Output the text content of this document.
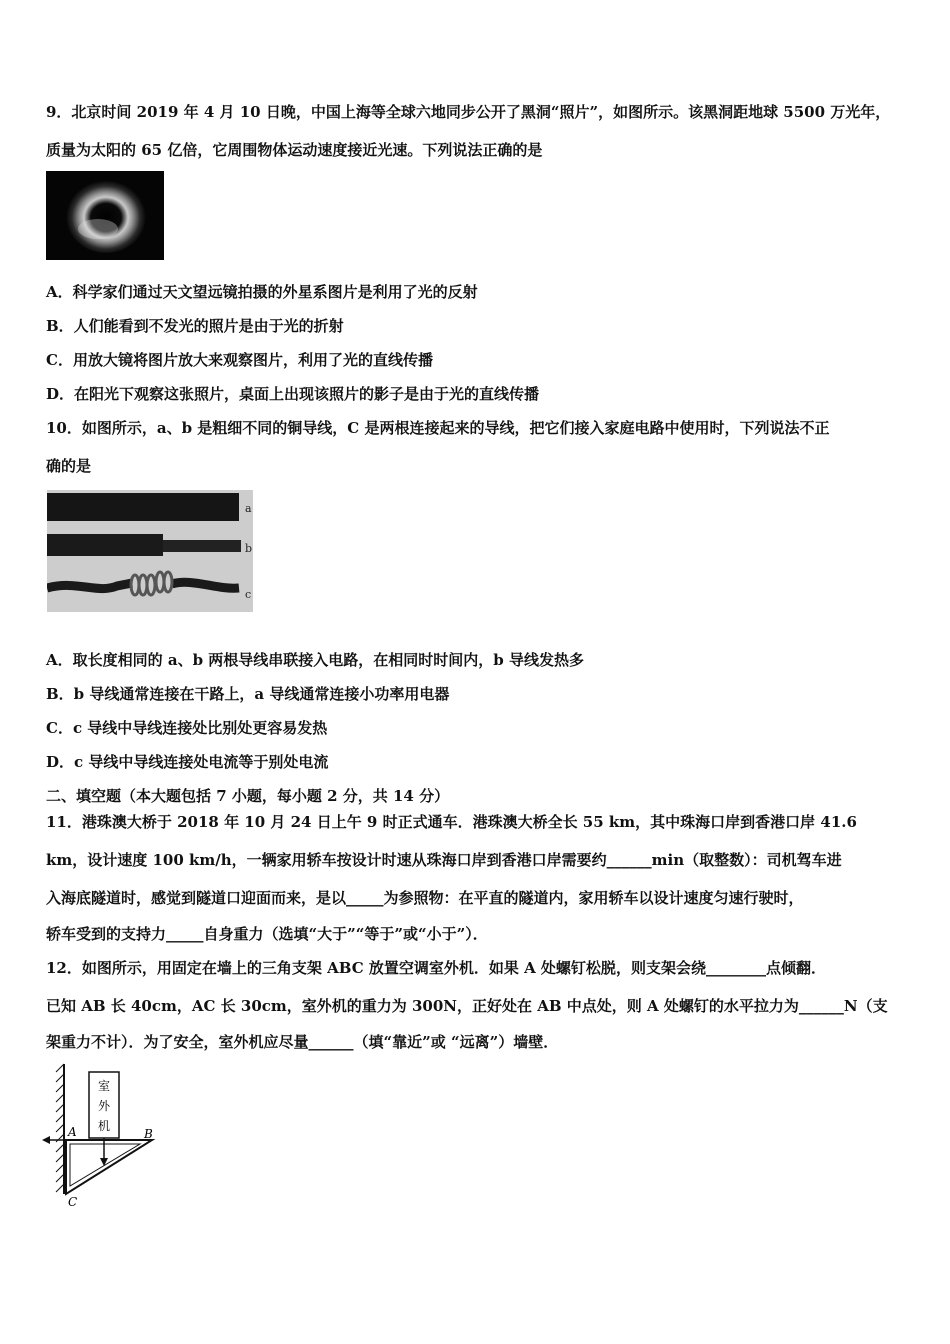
9．北京时间 2019 年 4 月 10 日晚，中国上海等全球六地同步公开了黑洞“照片”，如图所示。该黑洞距地球 5500 万光年，
质量为太阳的 65 亿倍，它周围物体运动速度接近光速。下列说法正确的是
A．科学家们通过天文望远镜拍摄的外星系图片是利用了光的反射
B．人们能看到不发光的照片是由于光的折射
C．用放大镜将图片放大来观察图片，利用了光的直线传播
D．在阳光下观察这张照片，桌面上出现该照片的影子是由于光的直线传播
10．如图所示，a、b 是粗细不同的铜导线，C 是两根连接起来的导线，把它们接入家庭电路中使用时，下列说法不正
确的是
a
b
c
A．取长度相同的 a、b 两根导线串联接入电路，在相同时时间内，b 导线发热多
B．b 导线通常连接在干路上，a 导线通常连接小功率用电器
C．c 导线中导线连接处比别处更容易发热
D．c 导线中导线连接处电流等于别处电流
二、填空题（本大题包括 7 小题，每小题 2 分，共 14 分）
11．港珠澳大桥于 2018 年 10 月 24 日上午 9 时正式通车．港珠澳大桥全长 55 km，其中珠海口岸到香港口岸 41.6
km，设计速度 100 km/h，一辆家用轿车按设计时速从珠海口岸到香港口岸需要约______min（取整数）：司机驾车进
入海底隧道时，感觉到隧道口迎面而来，是以_____为参照物：在平直的隧道内，家用轿车以设计速度匀速行驶时，
轿车受到的支持力_____自身重力（选填“大于”“等于”或“小于”）．
12．如图所示，用固定在墙上的三角支架 ABC 放置空调室外机．如果 A 处螺钉松脱，则支架会绕________点倾翻．
已知 AB 长 40cm，AC 长 30cm，室外机的重力为 300N，正好处在 AB 中点处，则 A 处螺钉的水平拉力为______N（支
架重力不计）．为了安全，室外机应尽量______（填“靠近”或 “远离”）墙壁．
室
外
机
A	B
C
